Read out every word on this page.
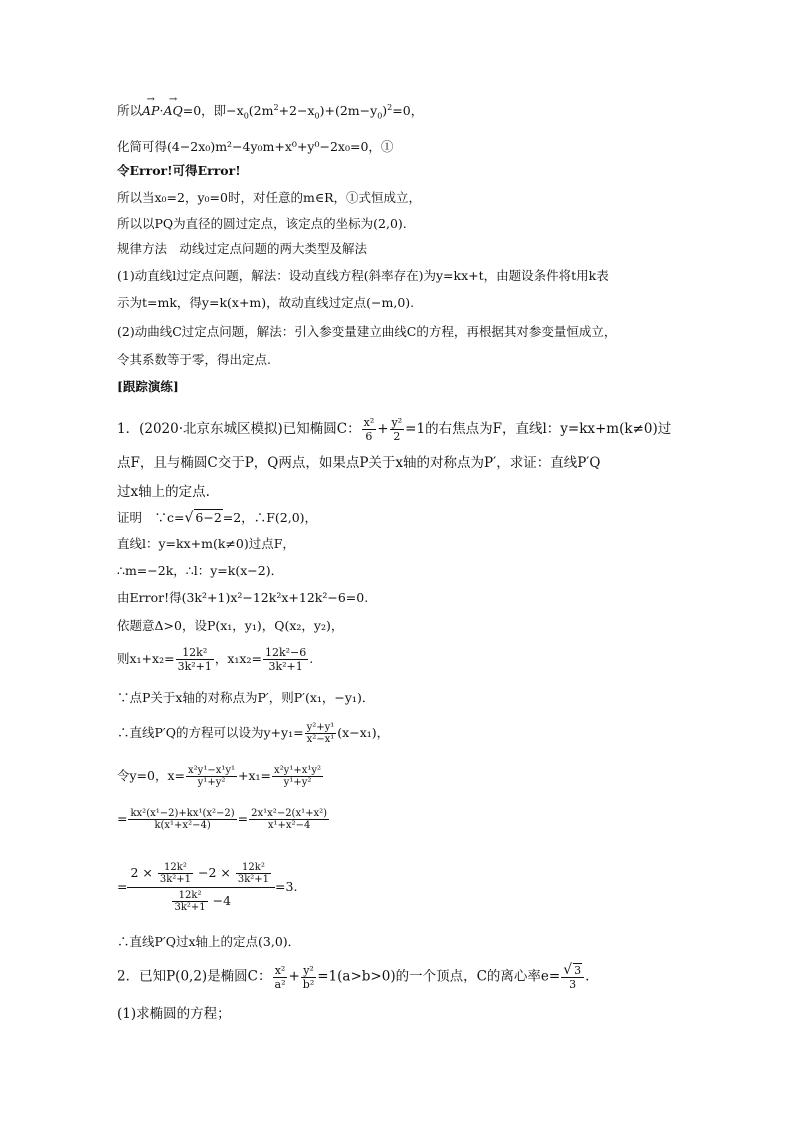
所以→ AP·→ AQ=0，即$-x_0(2m^2+2-x_0)+(2m-y_0)^2=0$，
化简可得(4−2x₀)m²−4y₀m+x⁰+y⁰−2x₀=0，①
令Error!可得Error!
所以当x₀=2，y₀=0时，对任意的m∈R，①式恒成立，
所以以PQ为直径的圆过定点，该定点的坐标为(2,0).
规律方法　动线过定点问题的两大类型及解法
(1)动直线l过定点问题，解法：设动直线方程(斜率存在)为y=kx+t，由题设条件将t用k表
示为t=mk，得y=k(x+m)，故动直线过定点(−m,0).
(2)动曲线C过定点问题，解法：引入参变量建立曲线C的方程，再根据其对参变量恒成立，
令其系数等于零，得出定点.
[跟踪演练]
1．(2020·北京东城区模拟)已知椭圆C： $\frac{\text{x²}}{6} + \frac{\text{y²}}{2} =1$的右焦点为F，直线l：y=kx+m(k≠0)过
点F，且与椭圆C交于P，Q两点，如果点P关于x轴的对称点为P′，求证：直线P′Q
过x轴上的定点.
证明　∵c=√ 6−2=2，∴F(2,0)，
直线l：y=kx+m(k≠0)过点F，
∴m=−2k，∴l：y=k(x−2)．
由Error!得(3k²+1)x²−12k²x+12k²−6=0.
依题意Δ>0，设P(x₁，y₁)，Q(x₂，y₂)，
则$x_1+x_2= \frac{\text{12k²}}{\text{3k²+1}}$ ，$x_1x_2= \frac{\text{12k²−6}}{\text{3k²+1}}$ .
∵点P关于x轴的对称点为P′，则P′(x₁，−y₁)．
∴直线P′Q的方程可以设为$y+y_1= \frac{\text{y²+y¹}}{\text{x²−x¹}} (x-x_1)$，
令y=0，$x= \frac{\text{x²y¹−x¹y¹}}{\text{y¹+y²}} +x_1= \frac{\text{x²y¹+x¹y²}}{\text{y¹+y²}}$
= $\frac{\text{kx²(x¹−2)+kx¹(x²−2)}}{\text{k(x¹+x²−4)}} = \frac{\text{2x¹x²−2(x¹+x²)}}{\text{x¹+x²−4}}$
= $\frac{2 \times \frac{\text{12k²}}{\text{3k²+1}} -2 \times \frac{\text{12k²}}{\text{3k²+1}}}{\frac{\text{12k²}}{\text{3k²+1}} -4} =3$.
∴直线P′Q过x轴上的定点(3,0)．
2．已知P(0,2)是椭圆C： $\frac{\text{x²}}{\text{a²}} + \frac{\text{y²}}{\text{b²}} =1(a>b>0)$的一个顶点，C的离心率$e= \frac{√ 3}{3}$ .
(1)求椭圆的方程；
